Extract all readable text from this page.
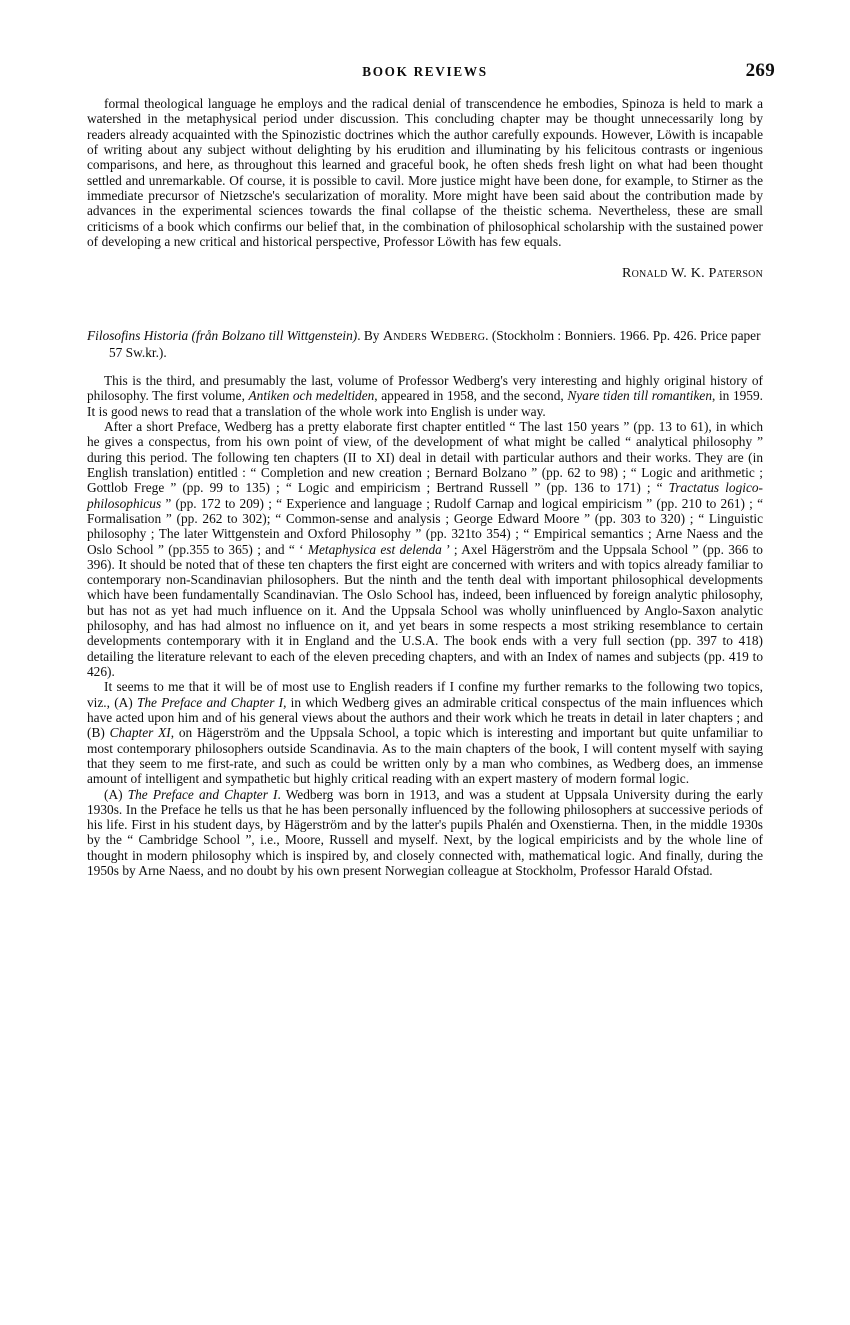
BOOK REVIEWS	269

formal theological language he employs and the radical denial of transcendence he embodies, Spinoza is held to mark a watershed in the metaphysical period under discussion. This concluding chapter may be thought unnecessarily long by readers already acquainted with the Spinozistic doctrines which the author carefully expounds. However, Löwith is incapable of writing about any subject without delighting by his erudition and illuminating by his felicitous contrasts or ingenious comparisons, and here, as throughout this learned and graceful book, he often sheds fresh light on what had been thought settled and unremarkable. Of course, it is possible to cavil. More justice might have been done, for example, to Stirner as the immediate precursor of Nietzsche's secularization of morality. More might have been said about the contribution made by advances in the experimental sciences towards the final collapse of the theistic schema. Nevertheless, these are small criticisms of a book which confirms our belief that, in the combination of philosophical scholarship with the sustained power of developing a new critical and historical perspective, Professor Löwith has few equals.

Ronald W. K. Paterson

Filosofins Historia (från Bolzano till Wittgenstein). By Anders Wedberg. (Stockholm : Bonniers. 1966. Pp. 426. Price paper 57 Sw.kr.).

This is the third, and presumably the last, volume of Professor Wedberg's very interesting and highly original history of philosophy. The first volume, Antiken och medeltiden, appeared in 1958, and the second, Nyare tiden till romantiken, in 1959. It is good news to read that a translation of the whole work into English is under way.

After a short Preface, Wedberg has a pretty elaborate first chapter entitled “ The last 150 years ” (pp. 13 to 61), in which he gives a conspectus, from his own point of view, of the development of what might be called “ analytical philosophy ” during this period. The following ten chapters (II to XI) deal in detail with particular authors and their works. They are (in English translation) entitled : “ Completion and new creation ; Bernard Bolzano ” (pp. 62 to 98) ; “ Logic and arithmetic ; Gottlob Frege ” (pp. 99 to 135) ; “ Logic and empiricism ; Bertrand Russell ” (pp. 136 to 171) ; “ Tractatus logico-philosophicus ” (pp. 172 to 209) ; “ Experience and language ; Rudolf Carnap and logical empiricism ” (pp. 210 to 261) ; “ Formalisation ” (pp. 262 to 302); “ Common-sense and analysis ; George Edward Moore ” (pp. 303 to 320) ; “ Linguistic philosophy ; The later Wittgenstein and Oxford Philosophy ” (pp. 321to 354) ; “ Empirical semantics ; Arne Naess and the Oslo School ” (pp.355 to 365) ; and “ ‘ Metaphysica est delenda ’ ; Axel Hägerström and the Uppsala School ” (pp. 366 to 396). It should be noted that of these ten chapters the first eight are concerned with writers and with topics already familiar to contemporary non-Scandinavian philosophers. But the ninth and the tenth deal with important philosophical developments which have been fundamentally Scandinavian. The Oslo School has, indeed, been influenced by foreign analytic philosophy, but has not as yet had much influence on it. And the Uppsala School was wholly uninfluenced by Anglo-Saxon analytic philosophy, and has had almost no influence on it, and yet bears in some respects a most striking resemblance to certain developments contemporary with it in England and the U.S.A. The book ends with a very full section (pp. 397 to 418) detailing the literature relevant to each of the eleven preceding chapters, and with an Index of names and subjects (pp. 419 to 426).

It seems to me that it will be of most use to English readers if I confine my further remarks to the following two topics, viz., (A) The Preface and Chapter I, in which Wedberg gives an admirable critical conspectus of the main influences which have acted upon him and of his general views about the authors and their work which he treats in detail in later chapters ; and (B) Chapter XI, on Hägerström and the Uppsala School, a topic which is interesting and important but quite unfamiliar to most contemporary philosophers outside Scandinavia. As to the main chapters of the book, I will content myself with saying that they seem to me first-rate, and such as could be written only by a man who combines, as Wedberg does, an immense amount of intelligent and sympathetic but highly critical reading with an expert mastery of modern formal logic.

(A) The Preface and Chapter I. Wedberg was born in 1913, and was a student at Uppsala University during the early 1930s. In the Preface he tells us that he has been personally influenced by the following philosophers at successive periods of his life. First in his student days, by Hägerström and by the latter's pupils Phalén and Oxenstierna. Then, in the middle 1930s by the “ Cambridge School ”, i.e., Moore, Russell and myself. Next, by the logical empiricists and by the whole line of thought in modern philosophy which is inspired by, and closely connected with, mathematical logic. And finally, during the 1950s by Arne Naess, and no doubt by his own present Norwegian colleague at Stockholm, Professor Harald Ofstad.
